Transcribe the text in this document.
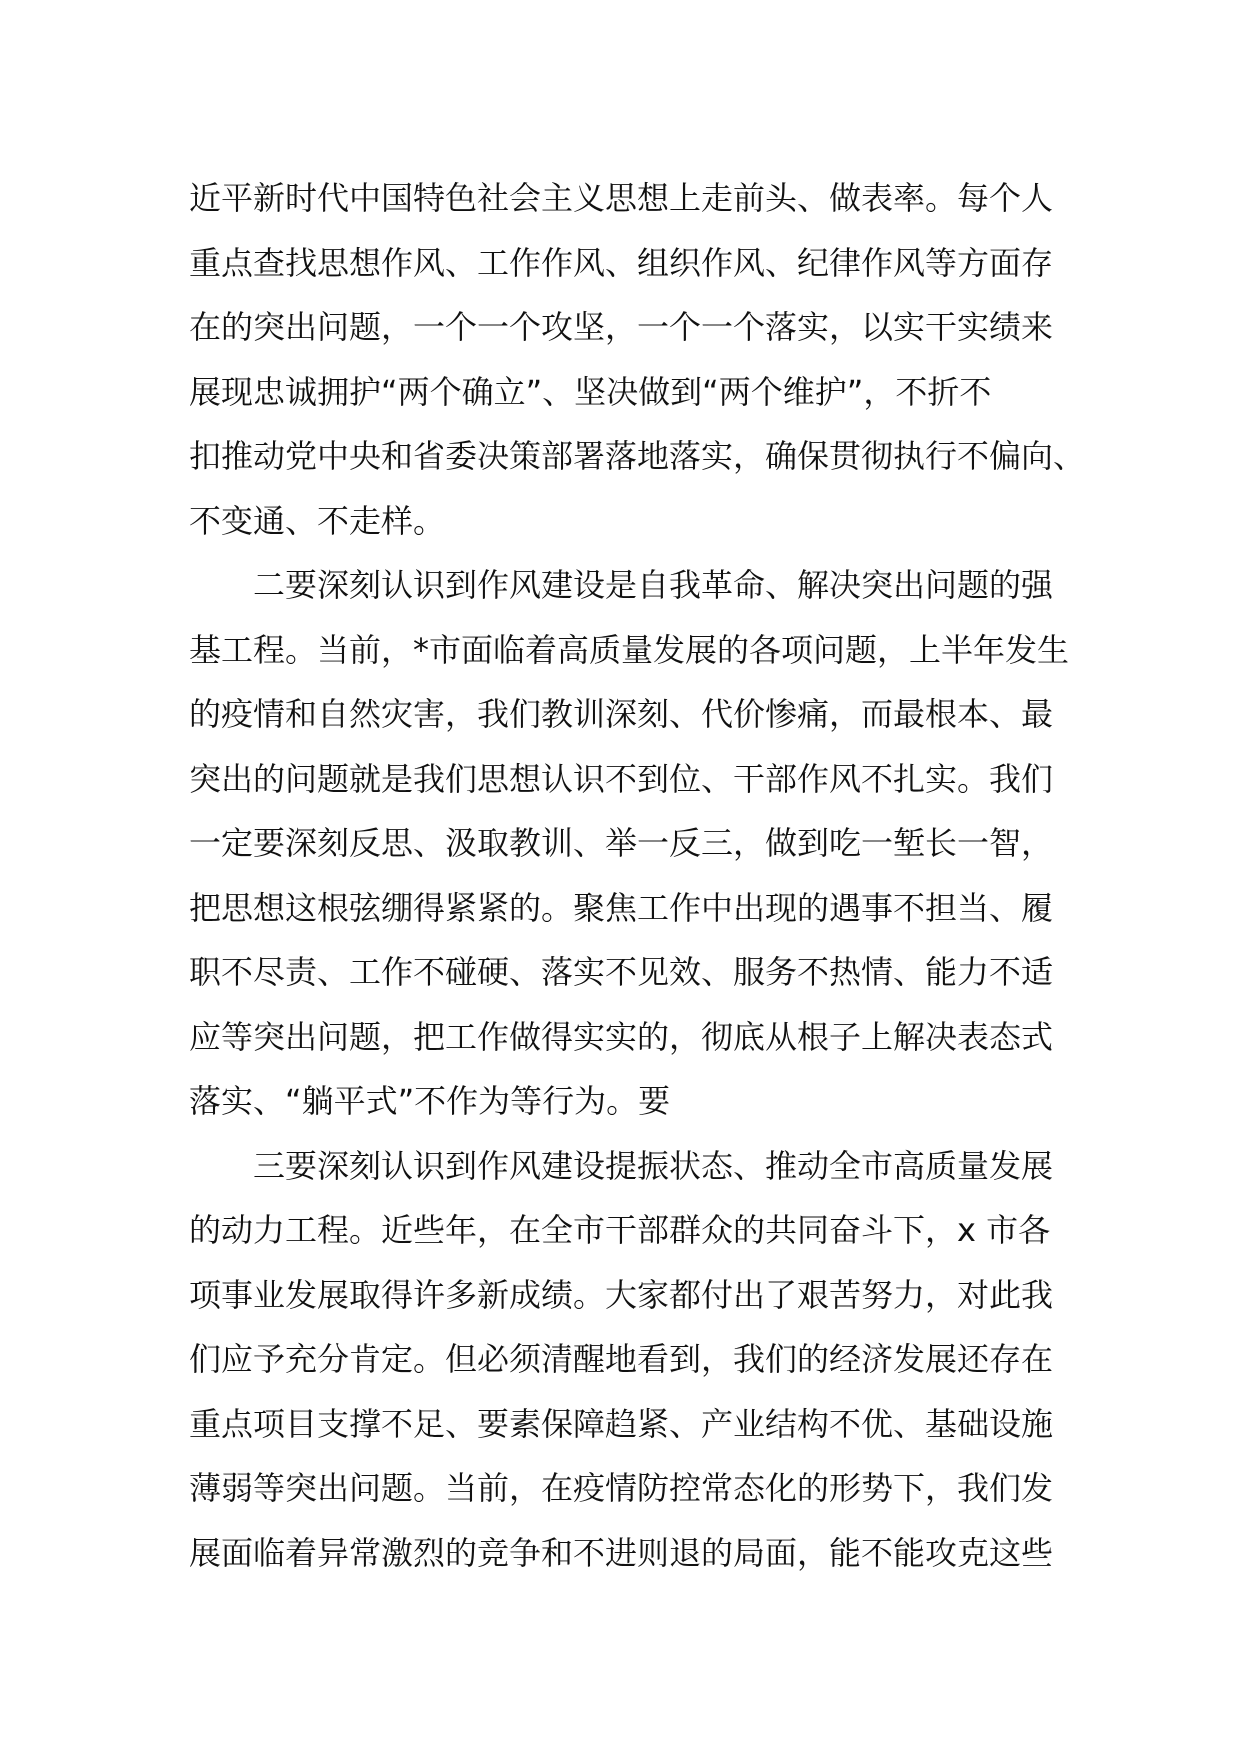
近平新时代中国特色社会主义思想上走前头、做表率。每个人
重点查找思想作风、工作作风、组织作风、纪律作风等方面存
在的突出问题，一个一个攻坚，一个一个落实，以实干实绩来
展现忠诚拥护“两个确立”、坚决做到“两个维护”，不折不
扣推动党中央和省委决策部署落地落实，确保贯彻执行不偏向、
不变通、不走样。
二要深刻认识到作风建设是自我革命、解决突出问题的强
基工程。当前，*市面临着高质量发展的各项问题，上半年发生
的疫情和自然灾害，我们教训深刻、代价惨痛，而最根本、最
突出的问题就是我们思想认识不到位、干部作风不扎实。我们
一定要深刻反思、汲取教训、举一反三，做到吃一堑长一智，
把思想这根弦绷得紧紧的。聚焦工作中出现的遇事不担当、履
职不尽责、工作不碰硬、落实不见效、服务不热情、能力不适
应等突出问题，把工作做得实实的，彻底从根子上解决表态式
落实、“躺平式”不作为等行为。要
三要深刻认识到作风建设提振状态、推动全市高质量发展
的动力工程。近些年，在全市干部群众的共同奋斗下，x 市各
项事业发展取得许多新成绩。大家都付出了艰苦努力，对此我
们应予充分肯定。但必须清醒地看到，我们的经济发展还存在
重点项目支撑不足、要素保障趋紧、产业结构不优、基础设施
薄弱等突出问题。当前，在疫情防控常态化的形势下，我们发
展面临着异常激烈的竞争和不进则退的局面，能不能攻克这些
